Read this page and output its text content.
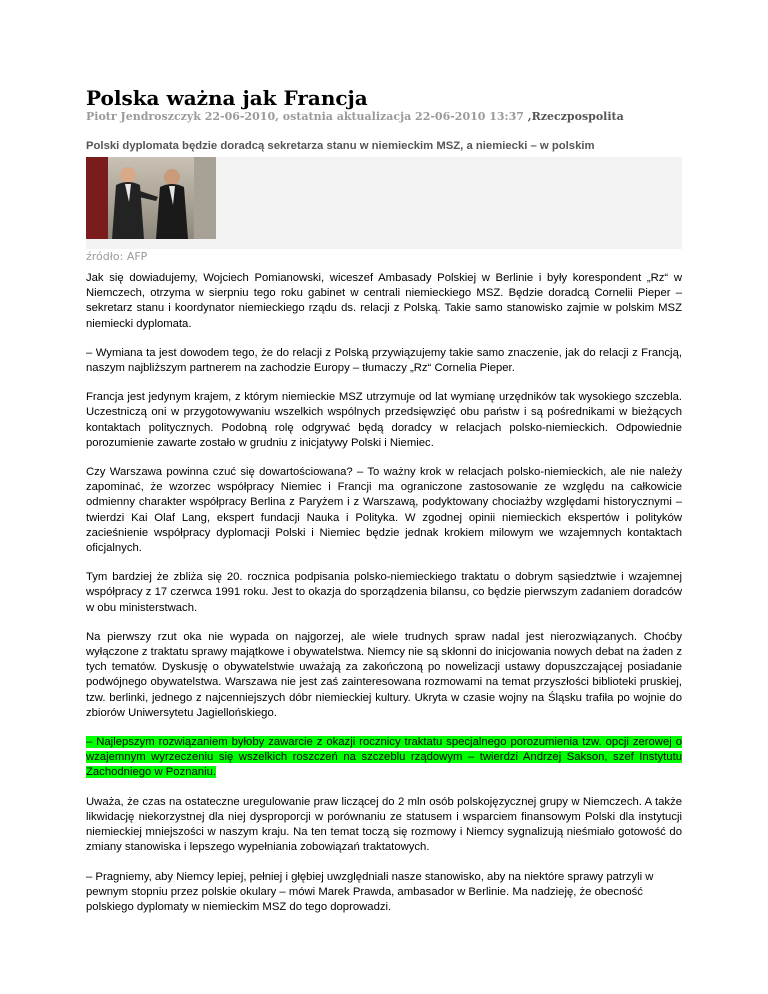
Polska ważna jak Francja
Piotr Jendroszczyk 22-06-2010, ostatnia aktualizacja 22-06-2010 13:37 ,Rzeczpospolita
Polski dyplomata będzie doradcą sekretarza stanu w niemieckim MSZ, a niemiecki – w polskim
źródło: AFP

Jak się dowiadujemy, Wojciech Pomianowski, wiceszef Ambasady Polskiej w Berlinie i były korespondent „Rz“ w Niemczech, otrzyma w sierpniu tego roku gabinet w centrali niemieckiego MSZ. Będzie doradcą Cornelii Pieper – sekretarz stanu i koordynator niemieckiego rządu ds. relacji z Polską. Takie samo stanowisko zajmie w polskim MSZ niemiecki dyplomata.

– Wymiana ta jest dowodem tego, że do relacji z Polską przywiązujemy takie samo znaczenie, jak do relacji z Francją, naszym najbliższym partnerem na zachodzie Europy – tłumaczy „Rz“ Cornelia Pieper.

Francja jest jedynym krajem, z którym niemieckie MSZ utrzymuje od lat wymianę urzędników tak wysokiego szczebla. Uczestniczą oni w przygotowywaniu wszelkich wspólnych przedsięwzięć obu państw i są pośrednikami w bieżących kontaktach politycznych. Podobną rolę odgrywać będą doradcy w relacjach polsko-niemieckich. Odpowiednie porozumienie zawarte zostało w grudniu z inicjatywy Polski i Niemiec.

Czy Warszawa powinna czuć się dowartościowana? – To ważny krok w relacjach polsko-niemieckich, ale nie należy zapominać, że wzorzec współpracy Niemiec i Francji ma ograniczone zastosowanie ze względu na całkowicie odmienny charakter współpracy Berlina z Paryżem i z Warszawą, podyktowany chociażby względami historycznymi – twierdzi Kai Olaf Lang, ekspert fundacji Nauka i Polityka. W zgodnej opinii niemieckich ekspertów i polityków zacieśnienie współpracy dyplomacji Polski i Niemiec będzie jednak krokiem milowym we wzajemnych kontaktach oficjalnych.

Tym bardziej że zbliża się 20. rocznica podpisania polsko-niemieckiego traktatu o dobrym sąsiedztwie i wzajemnej współpracy z 17 czerwca 1991 roku. Jest to okazja do sporządzenia bilansu, co będzie pierwszym zadaniem doradców w obu ministerstwach.

Na pierwszy rzut oka nie wypada on najgorzej, ale wiele trudnych spraw nadal jest nierozwiązanych. Choćby wyłączone z traktatu sprawy majątkowe i obywatelstwa. Niemcy nie są skłonni do inicjowania nowych debat na żaden z tych tematów. Dyskusję o obywatelstwie uważają za zakończoną po nowelizacji ustawy dopuszczającej posiadanie podwójnego obywatelstwa. Warszawa nie jest zaś zainteresowana rozmowami na temat przyszłości biblioteki pruskiej, tzw. berlinki, jednego z najcenniejszych dóbr niemieckiej kultury. Ukryta w czasie wojny na Śląsku trafiła po wojnie do zbiorów Uniwersytetu Jagiellońskiego.

– Najlepszym rozwiązaniem byłoby zawarcie z okazji rocznicy traktatu specjalnego porozumienia tzw. opcji zerowej o wzajemnym wyrzeczeniu się wszelkich roszczeń na szczeblu rządowym – twierdzi Andrzej Sakson, szef Instytutu Zachodniego w Poznaniu.

Uważa, że czas na ostateczne uregulowanie praw liczącej do 2 mln osób polskojęzycznej grupy w Niemczech. A także likwidację niekorzystnej dla niej dysproporcji w porównaniu ze statusem i wsparciem finansowym Polski dla instytucji niemieckiej mniejszości w naszym kraju. Na ten temat toczą się rozmowy i Niemcy sygnalizują nieśmiało gotowość do zmiany stanowiska i lepszego wypełniania zobowiązań traktatowych.

– Pragniemy, aby Niemcy lepiej, pełniej i głębiej uwzględniali nasze stanowisko, aby na niektóre sprawy patrzyli w pewnym stopniu przez polskie okulary – mówi Marek Prawda, ambasador w Berlinie. Ma nadzieję, że obecność polskiego dyplomaty w niemieckim MSZ do tego doprowadzi.
